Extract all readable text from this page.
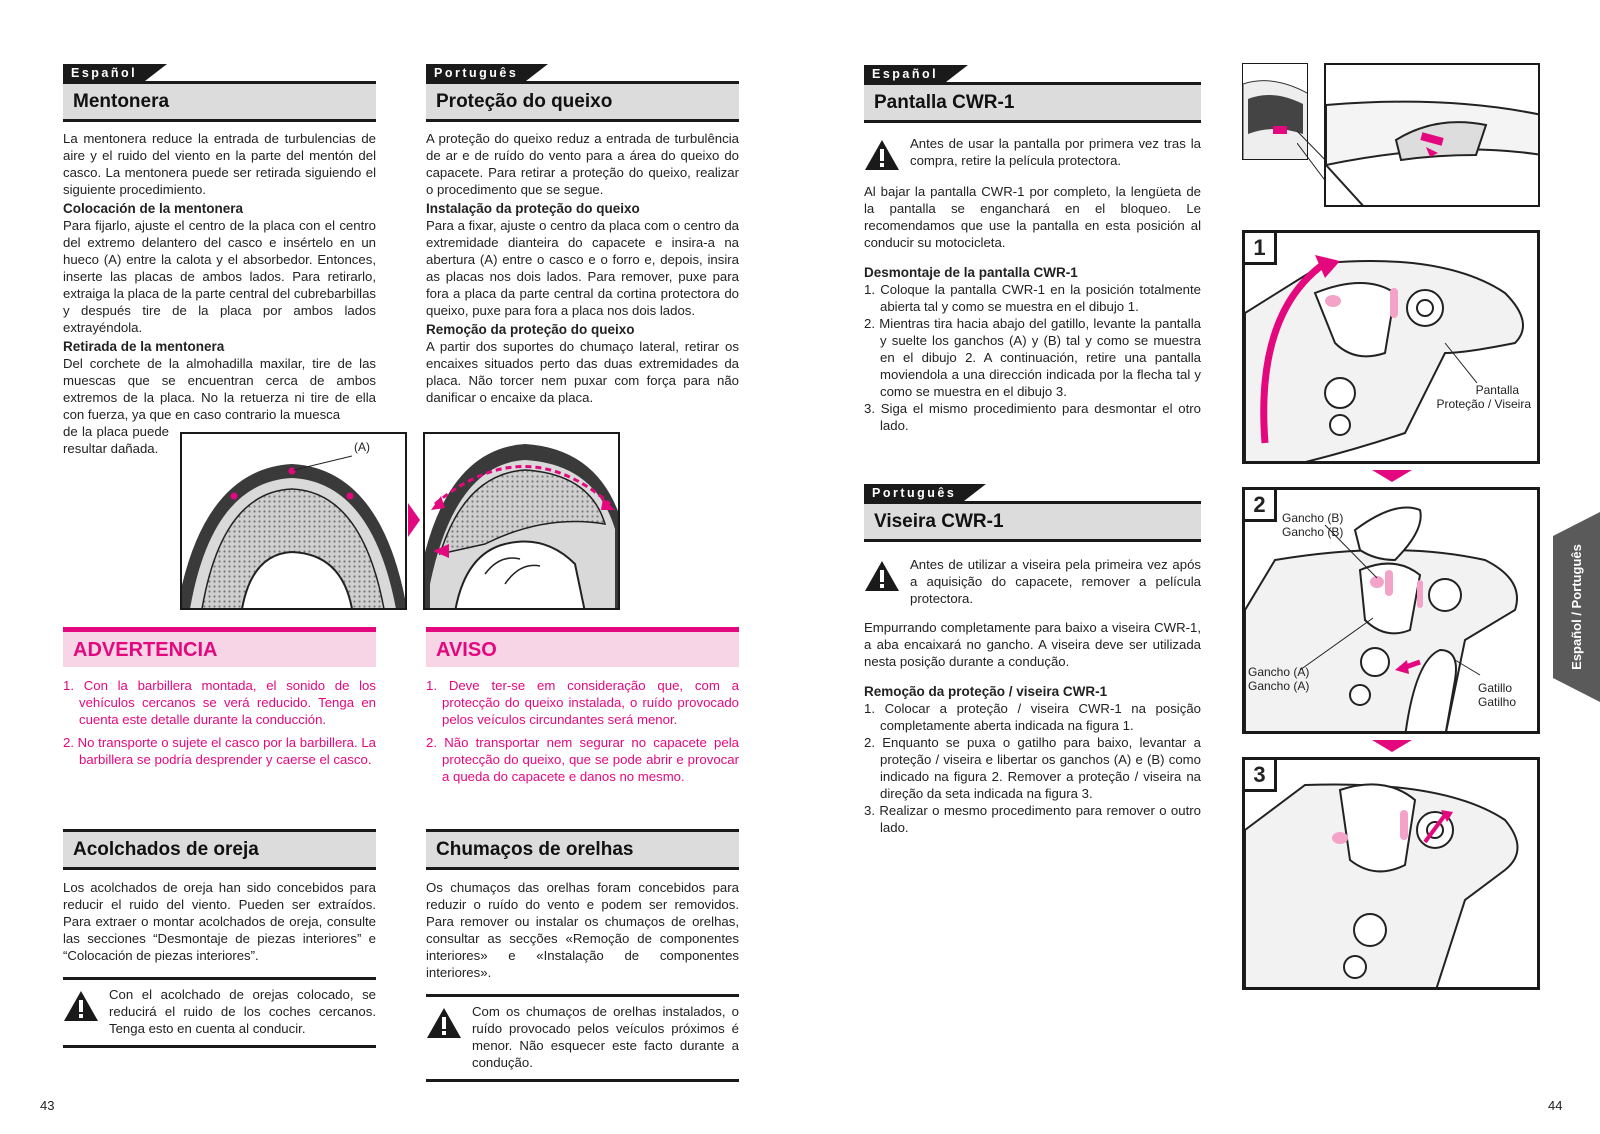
Español
Mentonera

La mentonera reduce la entrada de turbulencias de aire y el ruido del viento en la parte del mentón del casco. La mentonera puede ser retirada siguiendo el siguiente procedimiento.

Colocación de la mentonera

Para fijarlo, ajuste el centro de la placa con el centro del extremo delantero del casco e insértelo en un hueco (A) entre la calota y el absorbedor. Entonces, inserte las placas de ambos lados. Para retirarlo, extraiga la placa de la parte central del cubrebarbillas y después tire de la placa por ambos lados extrayéndola.

Retirada de la mentonera

Del corchete de la almohadilla maxilar, tire de las muescas que se encuentran cerca de ambos extremos de la placa. No la retuerza ni tire de ella con fuerza, ya que en caso contrario la muesca

de la placa puede resultar dañada.	(A)
ADVERTENCIA
1. Con la barbillera montada, el sonido de los vehículos cercanos se verá reducido. Tenga en cuenta este detalle durante la conducción.
2. No transporte o sujete el casco por la barbillera. La barbillera se podría desprender y caerse el casco.
Acolchados de oreja

Los acolchados de oreja han sido concebidos para reducir el ruido del viento. Pueden ser extraídos. Para extraer o montar acolchados de oreja, consulte las secciones “Desmontaje de piezas interiores” e “Colocación de piezas interiores”.

Con el acolchado de orejas colocado, se reducirá el ruido de los coches cercanos. Tenga esto en cuenta al conducir.

Português
Proteção do queixo

A proteção do queixo reduz a entrada de turbulência de ar e de ruído do vento para a área do queixo do capacete. Para retirar a proteção do queixo, realizar o procedimento que se segue.

Instalação da proteção do queixo

Para a fixar, ajuste o centro da placa com o centro da extremidade dianteira do capacete e insira-a na abertura (A) entre o casco e o forro e, depois, insira as placas nos dois lados. Para remover, puxe para fora a placa da parte central da cortina protectora do queixo, puxe para fora a placa nos dois lados.

Remoção da proteção do queixo

A partir dos suportes do chumaço lateral, retirar os encaixes situados perto das duas extremidades da placa. Não torcer nem puxar com força para não danificar o encaixe da placa.

AVISO
1. Deve ter-se em consideração que, com a protecção do queixo instalada, o ruído provocado pelos veículos circundantes será menor.
2. Não transportar nem segurar no capacete pela protecção do queixo, que se pode abrir e provocar a queda do capacete e danos no mesmo.
Chumaços de orelhas

Os chumaços das orelhas foram concebidos para reduzir o ruído do vento e podem ser removidos. Para remover ou instalar os chumaços de orelhas, consultar as secções «Remoção de componentes interiores» e «Instalação de componentes interiores».

Com os chumaços de orelhas instalados, o ruído provocado pelos veículos próximos é menor. Não esquecer este facto durante a condução.

43
Español
Pantalla CWR-1

Antes de usar la pantalla por primera vez tras la compra, retire la película protectora.

Al bajar la pantalla CWR-1 por completo, la lengüeta de la pantalla se enganchará en el bloqueo. Le recomendamos que use la pantalla en esta posición al conducir su motocicleta.

Desmontaje de la pantalla CWR-1
1. Coloque la pantalla CWR-1 en la posición totalmente abierta tal y como se muestra en el dibujo 1.
2. Mientras tira hacia abajo del gatillo, levante la pantalla y suelte los ganchos (A) y (B) tal y como se muestra en el dibujo 2. A continuación, retire una pantalla moviendola a una dirección indicada por la flecha tal y como se muestra en el dibujo 3.
3. Siga el mismo procedimiento para desmontar el otro lado.
Português
Viseira CWR-1

Antes de utilizar a viseira pela primeira vez após a aquisição do capacete, remover a película protectora.

Empurrando completamente para baixo a viseira CWR-1, a aba encaixará no gancho. A viseira deve ser utilizada nesta posição durante a condução.

Remoção da proteção / viseira CWR-1
1. Colocar a proteção / viseira CWR-1 na posição completamente aberta indicada na figura 1.
2. Enquanto se puxa o gatilho para baixo, levantar a proteção / viseira e libertar os ganchos (A) e (B) como indicado na figura 2. Remover a proteção / viseira na direção da seta indicada na figura 3.
3. Realizar o mesmo procedimento para remover o outro lado.
1
Pantalla
Proteção / Viseira
2
Gancho (B)
Gancho (B)
Gancho (A)
Gancho (A)	Gatillo
Gatilho
3
Español / Português
44
